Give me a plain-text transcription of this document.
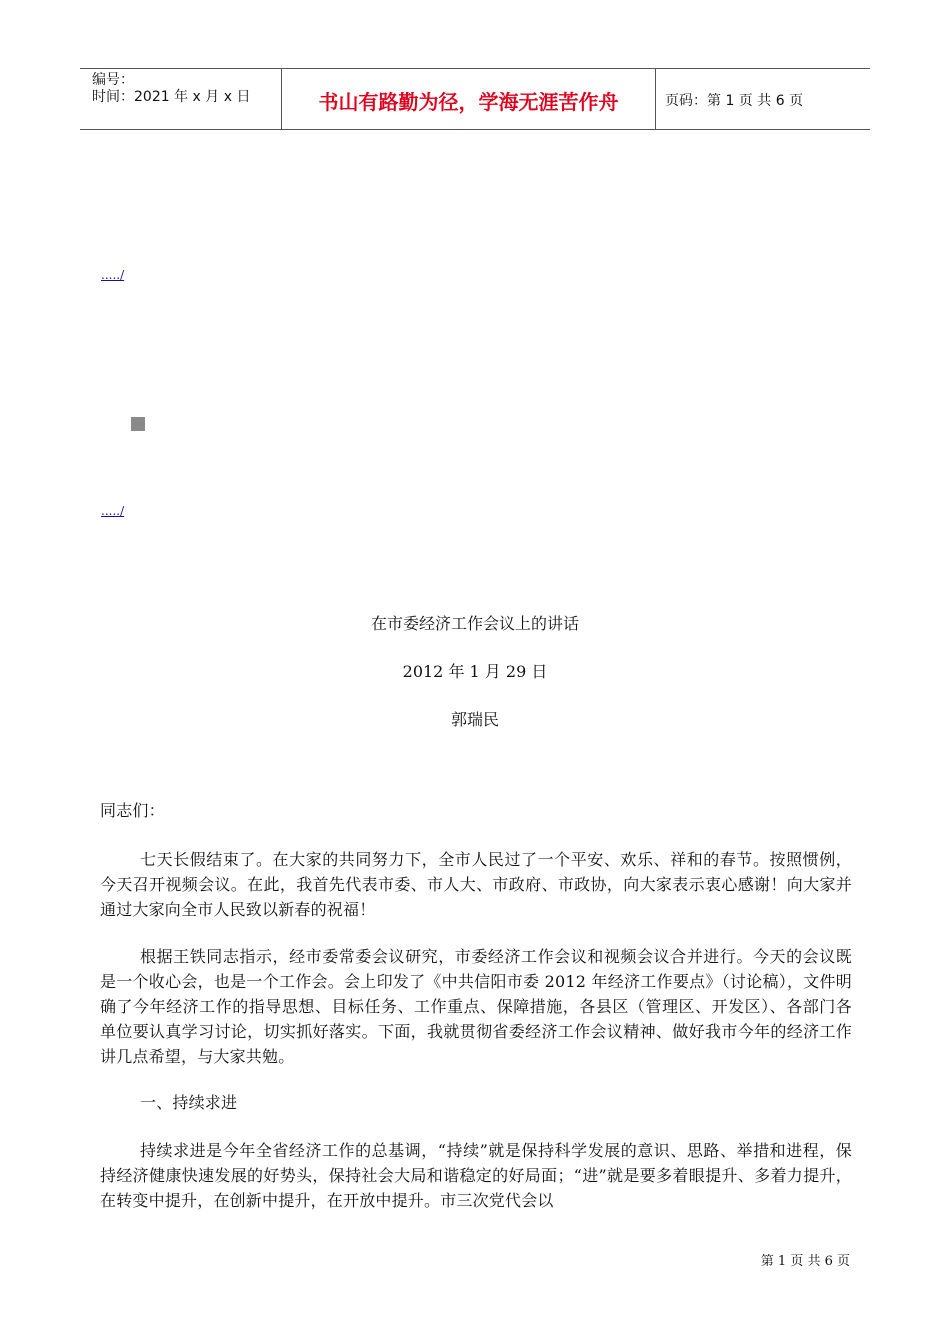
编号：
时间：2021 年 x 月 x 日	书山有路勤为径，学海无涯苦作舟	页码：第 1 页 共 6 页
...../
...../
在市委经济工作会议上的讲话
2012 年 1 月 29 日
郭瑞民
同志们：
七天长假结束了。在大家的共同努力下，全市人民过了一个平安、欢乐、祥和的春节。按照惯例，今天召开视频会议。在此，我首先代表市委、市人大、市政府、市政协，向大家表示衷心感谢！向大家并通过大家向全市人民致以新春的祝福！
根据王铁同志指示，经市委常委会议研究，市委经济工作会议和视频会议合并进行。今天的会议既是一个收心会，也是一个工作会。会上印发了《中共信阳市委 2012 年经济工作要点》（讨论稿），文件明确了今年经济工作的指导思想、目标任务、工作重点、保障措施，各县区（管理区、开发区）、各部门各单位要认真学习讨论，切实抓好落实。下面，我就贯彻省委经济工作会议精神、做好我市今年的经济工作讲几点希望，与大家共勉。
一、持续求进
持续求进是今年全省经济工作的总基调，“持续”就是保持科学发展的意识、思路、举措和进程，保持经济健康快速发展的好势头，保持社会大局和谐稳定的好局面；“进”就是要多着眼提升、多着力提升，在转变中提升，在创新中提升，在开放中提升。市三次党代会以
第 1 页 共 6 页
